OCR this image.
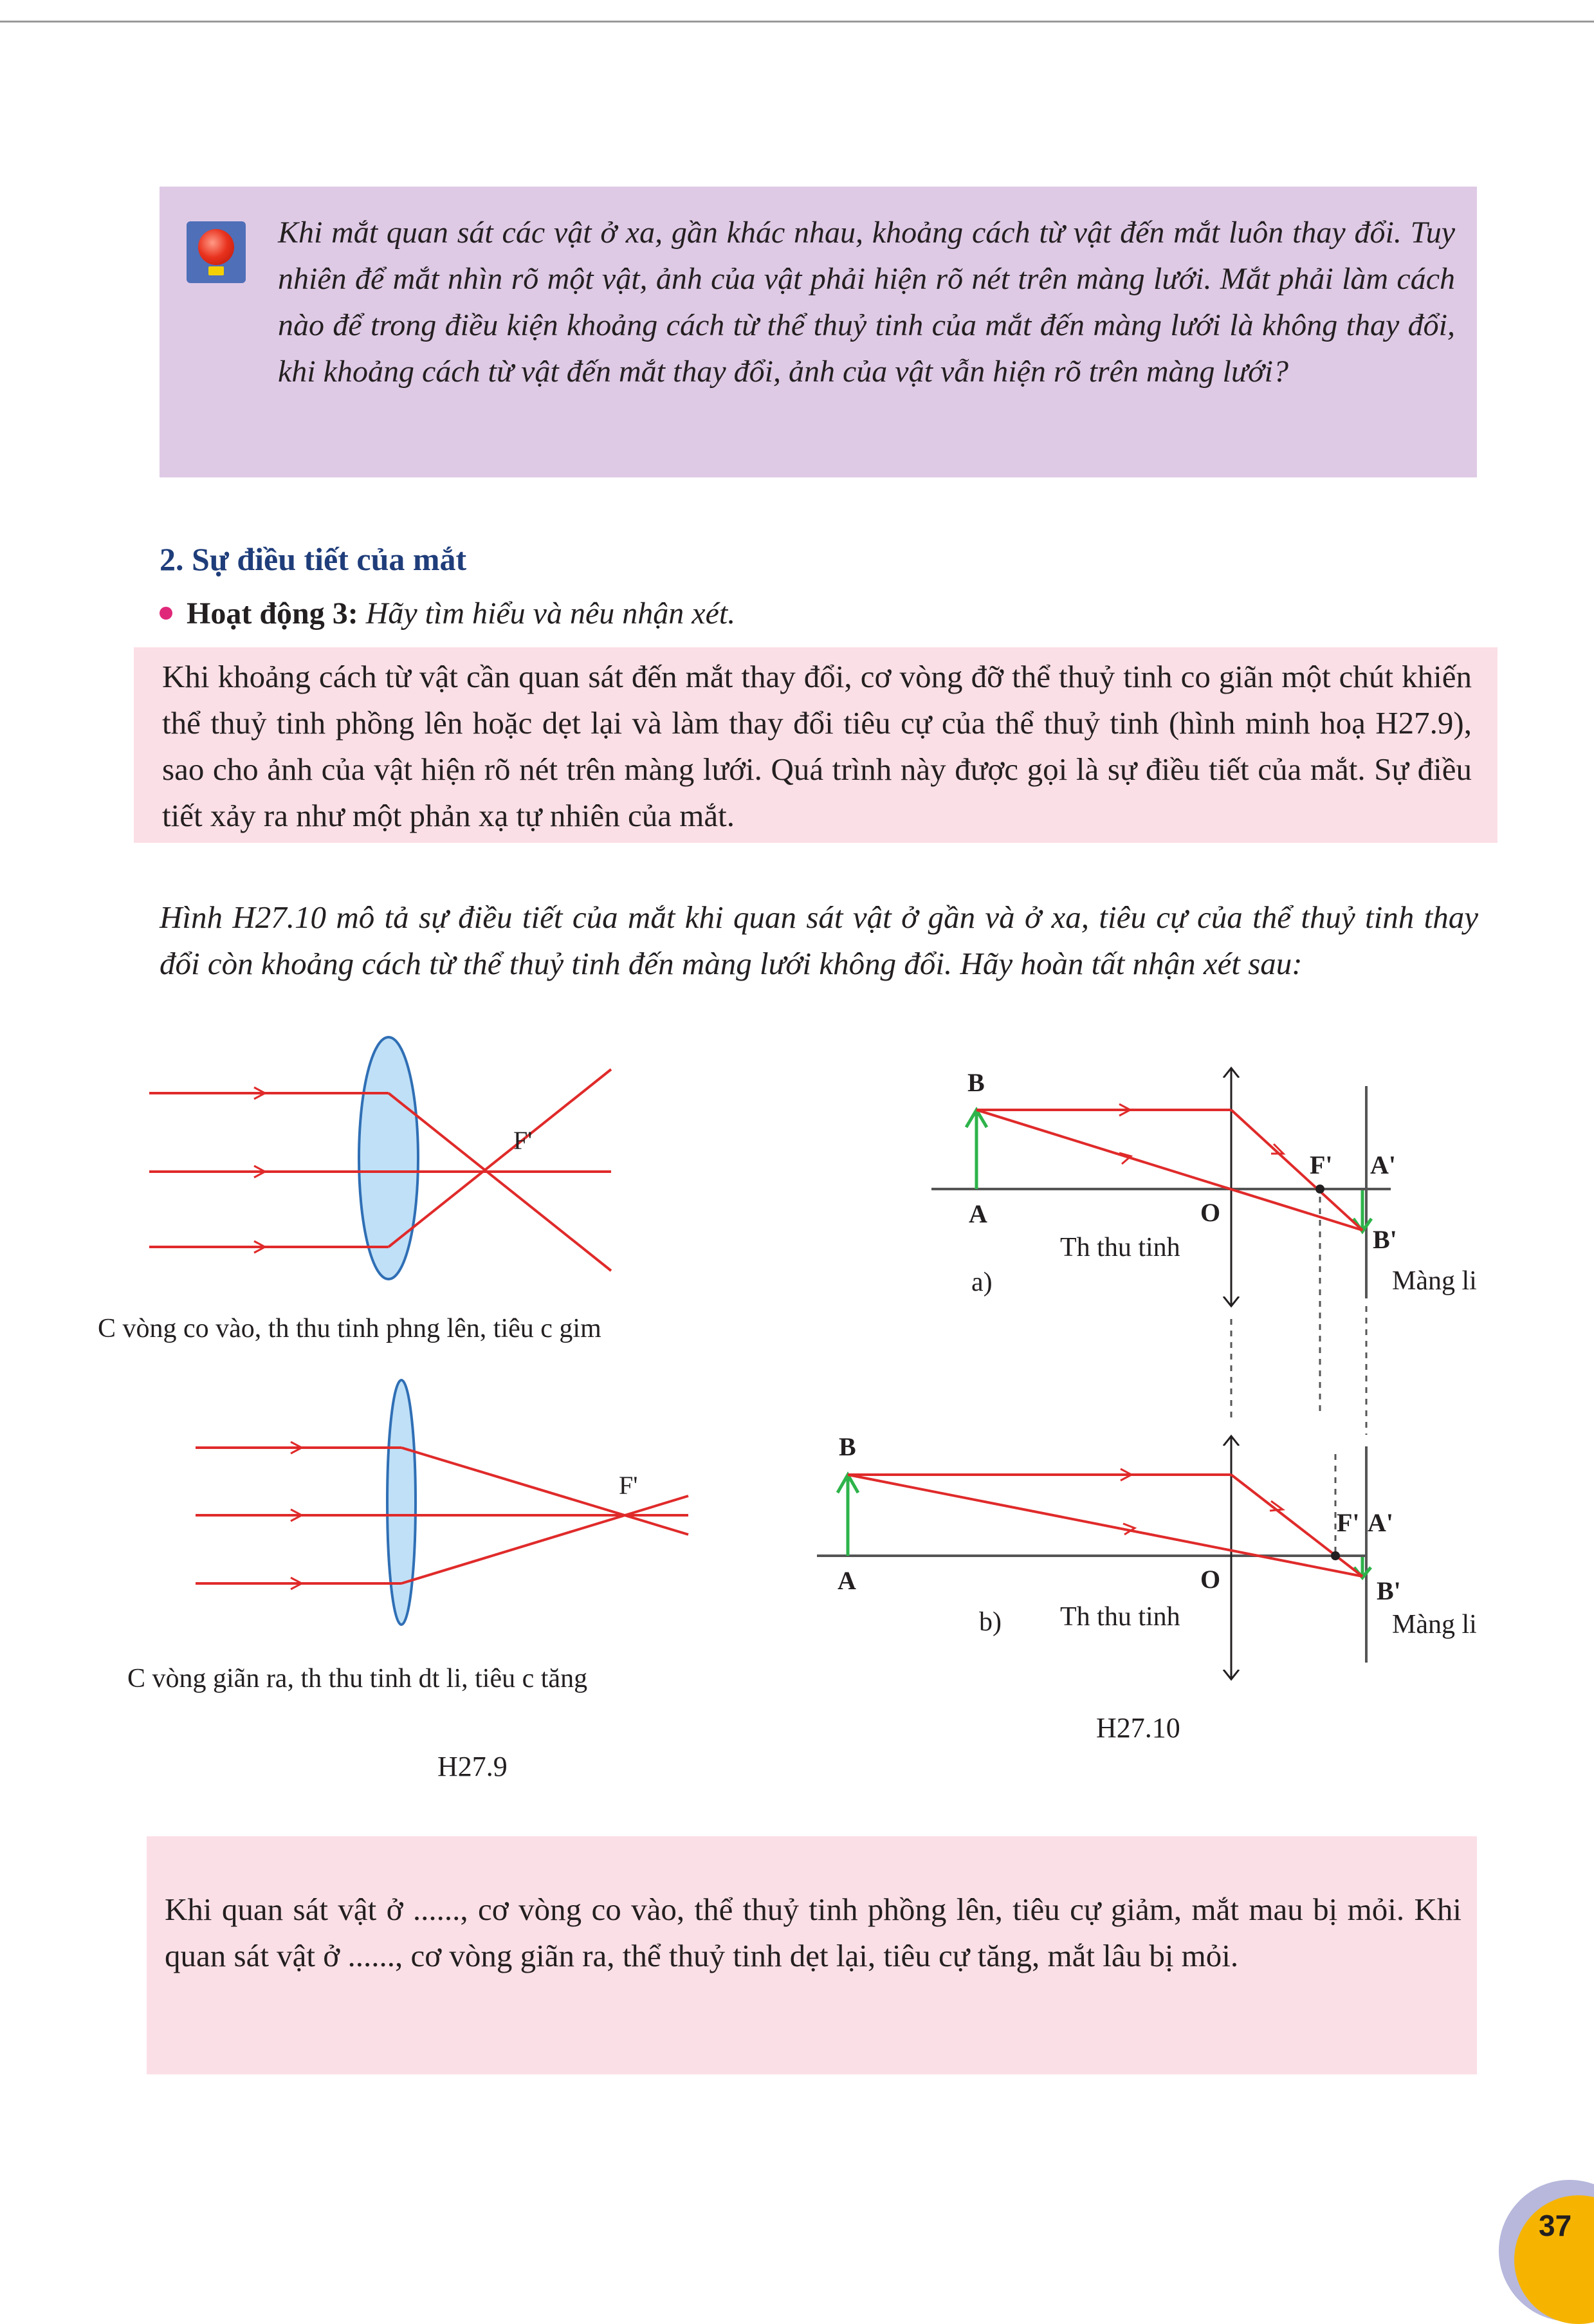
Khi mắt quan sát các vật ở xa, gần khác nhau, khoảng cách từ vật đến mắt luôn thay đổi. Tuy nhiên để mắt nhìn rõ một vật, ảnh của vật phải hiện rõ nét trên màng lưới. Mắt phải làm cách nào để trong điều kiện khoảng cách từ thể thuỷ tinh của mắt đến màng lưới là không thay đổi, khi khoảng cách từ vật đến mắt thay đổi, ảnh của vật vẫn hiện rõ trên màng lưới?

2. Sự điều tiết của mắt
Hoạt động 3: Hãy tìm hiểu và nêu nhận xét.

Khi khoảng cách từ vật cần quan sát đến mắt thay đổi, cơ vòng đỡ thể thuỷ tinh co giãn một chút khiến thể thuỷ tinh phồng lên hoặc dẹt lại và làm thay đổi tiêu cự của thể thuỷ tinh (hình minh hoạ H27.9), sao cho ảnh của vật hiện rõ nét trên màng lưới. Quá trình này được gọi là sự điều tiết của mắt. Sự điều tiết xảy ra như một phản xạ tự nhiên của mắt.

Hình H27.10 mô tả sự điều tiết của mắt khi quan sát vật ở gần và ở xa, tiêu cự của thể thuỷ tinh thay đổi còn khoảng cách từ thể thuỷ tinh đến màng lưới không đổi. Hãy hoàn tất nhận xét sau:

F'
C vòng co vào, th thu tinh phng lên, tiêu c gim
F'
C vòng giãn ra, th thu tinh dt li, tiêu c tăng
H27.9
B
A	O
F' A'
B'
Th thu tinh
Màng li
a)
B
A	O
F' A'
B'
Th thu tinh	Màng li
b)
H27.10

Khi quan sát vật ở ......, cơ vòng co vào, thể thuỷ tinh phồng lên, tiêu cự giảm, mắt mau bị mỏi. Khi quan sát vật ở ......, cơ vòng giãn ra, thể thuỷ tinh dẹt lại, tiêu cự tăng, mắt lâu bị mỏi.

37
